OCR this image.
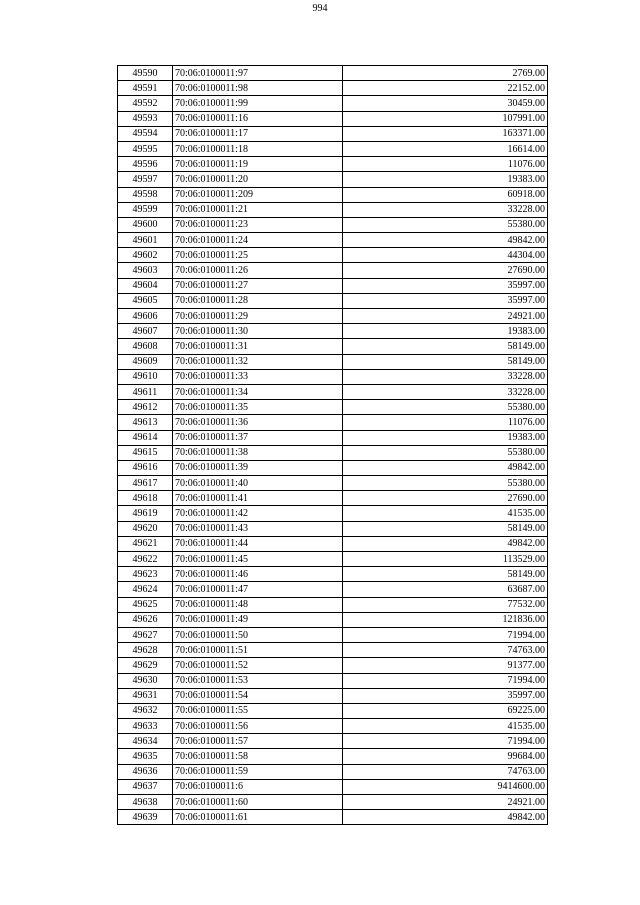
994
49590	70:06:0100011:97	2769.00
49591	70:06:0100011:98	22152.00
49592	70:06:0100011:99	30459.00
49593	70:06:0100011:16	107991.00
49594	70:06:0100011:17	163371.00
49595	70:06:0100011:18	16614.00
49596	70:06:0100011:19	11076.00
49597	70:06:0100011:20	19383.00
49598	70:06:0100011:209	60918.00
49599	70:06:0100011:21	33228.00
49600	70:06:0100011:23	55380.00
49601	70:06:0100011:24	49842.00
49602	70:06:0100011:25	44304.00
49603	70:06:0100011:26	27690.00
49604	70:06:0100011:27	35997.00
49605	70:06:0100011:28	35997.00
49606	70:06:0100011:29	24921.00
49607	70:06:0100011:30	19383.00
49608	70:06:0100011:31	58149.00
49609	70:06:0100011:32	58149.00
49610	70:06:0100011:33	33228.00
49611	70:06:0100011:34	33228.00
49612	70:06:0100011:35	55380.00
49613	70:06:0100011:36	11076.00
49614	70:06:0100011:37	19383.00
49615	70:06:0100011:38	55380.00
49616	70:06:0100011:39	49842.00
49617	70:06:0100011:40	55380.00
49618	70:06:0100011:41	27690.00
49619	70:06:0100011:42	41535.00
49620	70:06:0100011:43	58149.00
49621	70:06:0100011:44	49842.00
49622	70:06:0100011:45	113529.00
49623	70:06:0100011:46	58149.00
49624	70:06:0100011:47	63687.00
49625	70:06:0100011:48	77532.00
49626	70:06:0100011:49	121836.00
49627	70:06:0100011:50	71994.00
49628	70:06:0100011:51	74763.00
49629	70:06:0100011:52	91377.00
49630	70:06:0100011:53	71994.00
49631	70:06:0100011:54	35997.00
49632	70:06:0100011:55	69225.00
49633	70:06:0100011:56	41535.00
49634	70:06:0100011:57	71994.00
49635	70:06:0100011:58	99684.00
49636	70:06:0100011:59	74763.00
49637	70:06:0100011:6	9414600.00
49638	70:06:0100011:60	24921.00
49639	70:06:0100011:61	49842.00
